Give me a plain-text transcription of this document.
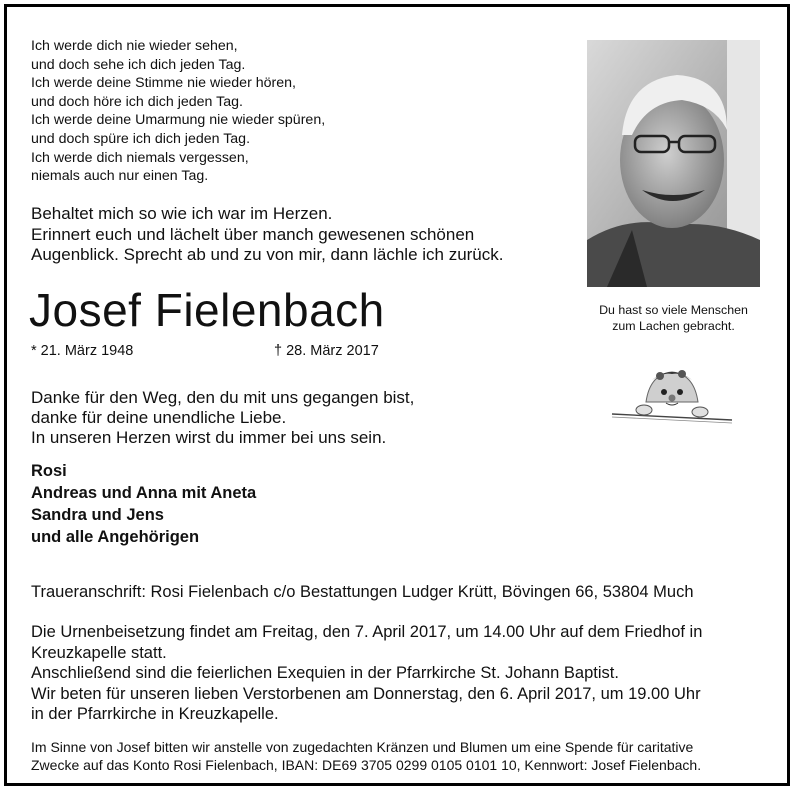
Ich werde dich nie wieder sehen,
und doch sehe ich dich jeden Tag.
Ich werde deine Stimme nie wieder hören,
und doch höre ich dich jeden Tag.
Ich werde deine Umarmung nie wieder spüren,
und doch spüre ich dich jeden Tag.
Ich werde dich niemals vergessen,
niemals auch nur einen Tag.
Behaltet mich so wie ich war im Herzen.
Erinnert euch und lächelt über manch gewesenen schönen
Augenblick. Sprecht ab und zu von mir, dann lächle ich zurück.
Josef Fielenbach
* 21. März 1948	† 28. März 2017
Du hast so viele Menschen
zum Lachen gebracht.
Danke für den Weg, den du mit uns gegangen bist,
danke für deine unendliche Liebe.
In unseren Herzen wirst du immer bei uns sein.
Rosi
Andreas und Anna mit Aneta
Sandra und Jens
und alle Angehörigen
Traueranschrift: Rosi Fielenbach c/o Bestattungen Ludger Krütt, Bövingen 66, 53804 Much
Die Urnenbeisetzung findet am Freitag, den 7. April 2017, um 14.00 Uhr auf dem Friedhof in
Kreuzkapelle statt.
Anschließend sind die feierlichen Exequien in der Pfarrkirche St. Johann Baptist.
Wir beten für unseren lieben Verstorbenen am Donnerstag, den 6. April 2017, um 19.00 Uhr
in der Pfarrkirche in Kreuzkapelle.
Im Sinne von Josef bitten wir anstelle von zugedachten Kränzen und Blumen um eine Spende für caritative
Zwecke auf das Konto Rosi Fielenbach, IBAN: DE69 3705 0299 0105 0101 10, Kennwort: Josef Fielenbach.
